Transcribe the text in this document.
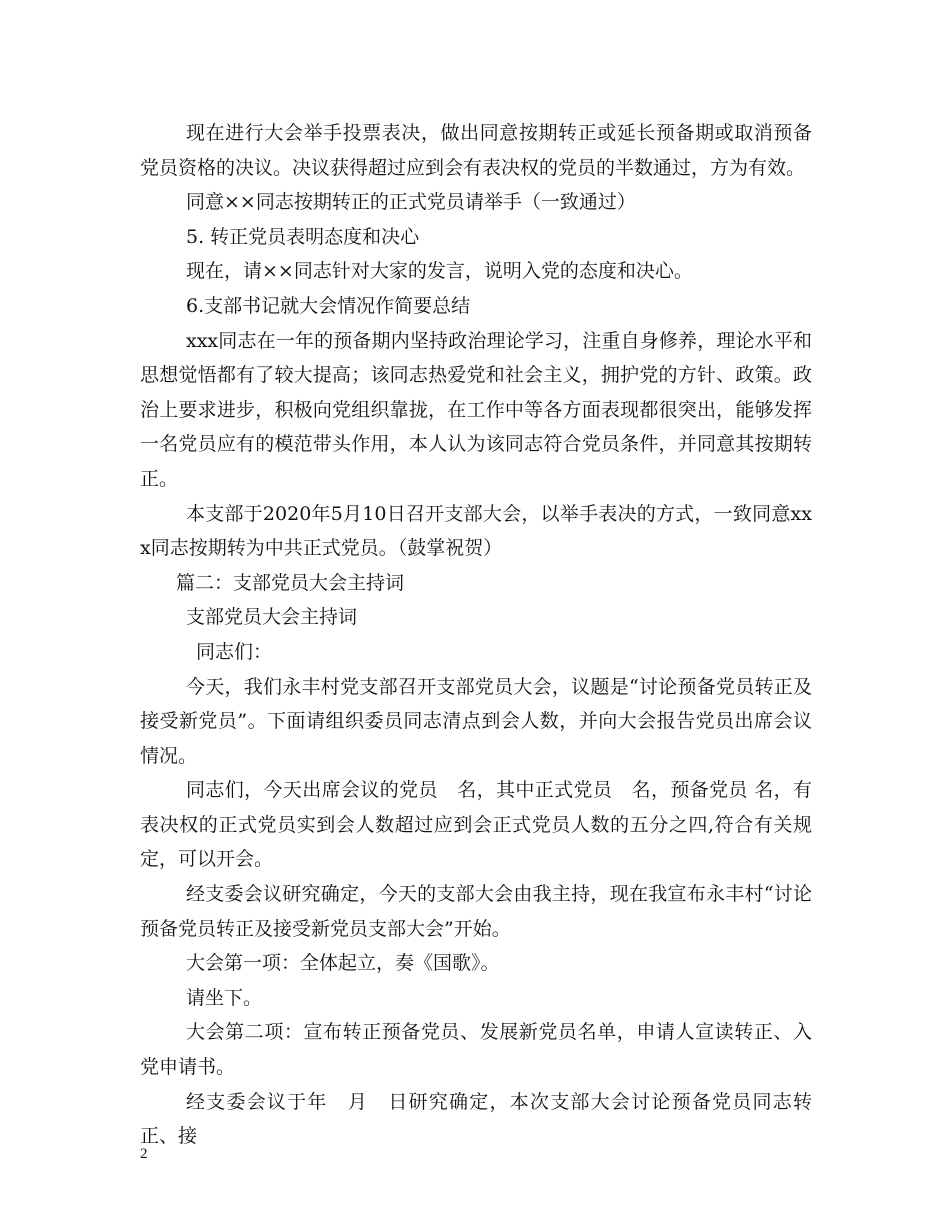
现在进行大会举手投票表决，做出同意按期转正或延长预备期或取消预备党员资格的决议。决议获得超过应到会有表决权的党员的半数通过，方为有效。

同意××同志按期转正的正式党员请举手（一致通过）

5. 转正党员表明态度和决心

现在，请××同志针对大家的发言，说明入党的态度和决心。

6.支部书记就大会情况作简要总结

xxx同志在一年的预备期内坚持政治理论学习，注重自身修养，理论水平和思想觉悟都有了较大提高；该同志热爱党和社会主义，拥护党的方针、政策。政治上要求进步，积极向党组织靠拢，在工作中等各方面表现都很突出，能够发挥一名党员应有的模范带头作用，本人认为该同志符合党员条件，并同意其按期转正。

本支部于2020年5月10日召开支部大会，以举手表决的方式，一致同意xxx同志按期转为中共正式党员。（鼓掌祝贺）

篇二：支部党员大会主持词

支部党员大会主持词

同志们：

今天，我们永丰村党支部召开支部党员大会，议题是“讨论预备党员转正及接受新党员”。下面请组织委员同志清点到会人数，并向大会报告党员出席会议情况。

同志们，今天出席会议的党员　名，其中正式党员　名，预备党员 名，有表决权的正式党员实到会人数超过应到会正式党员人数的五分之四,符合有关规定，可以开会。

经支委会议研究确定，今天的支部大会由我主持，现在我宣布永丰村“讨论预备党员转正及接受新党员支部大会”开始。

大会第一项：全体起立，奏《国歌》。

请坐下。

大会第二项：宣布转正预备党员、发展新党员名单，申请人宣读转正、入党申请书。

经支委会议于年　月　日研究确定，本次支部大会讨论预备党员同志转正、接

2
